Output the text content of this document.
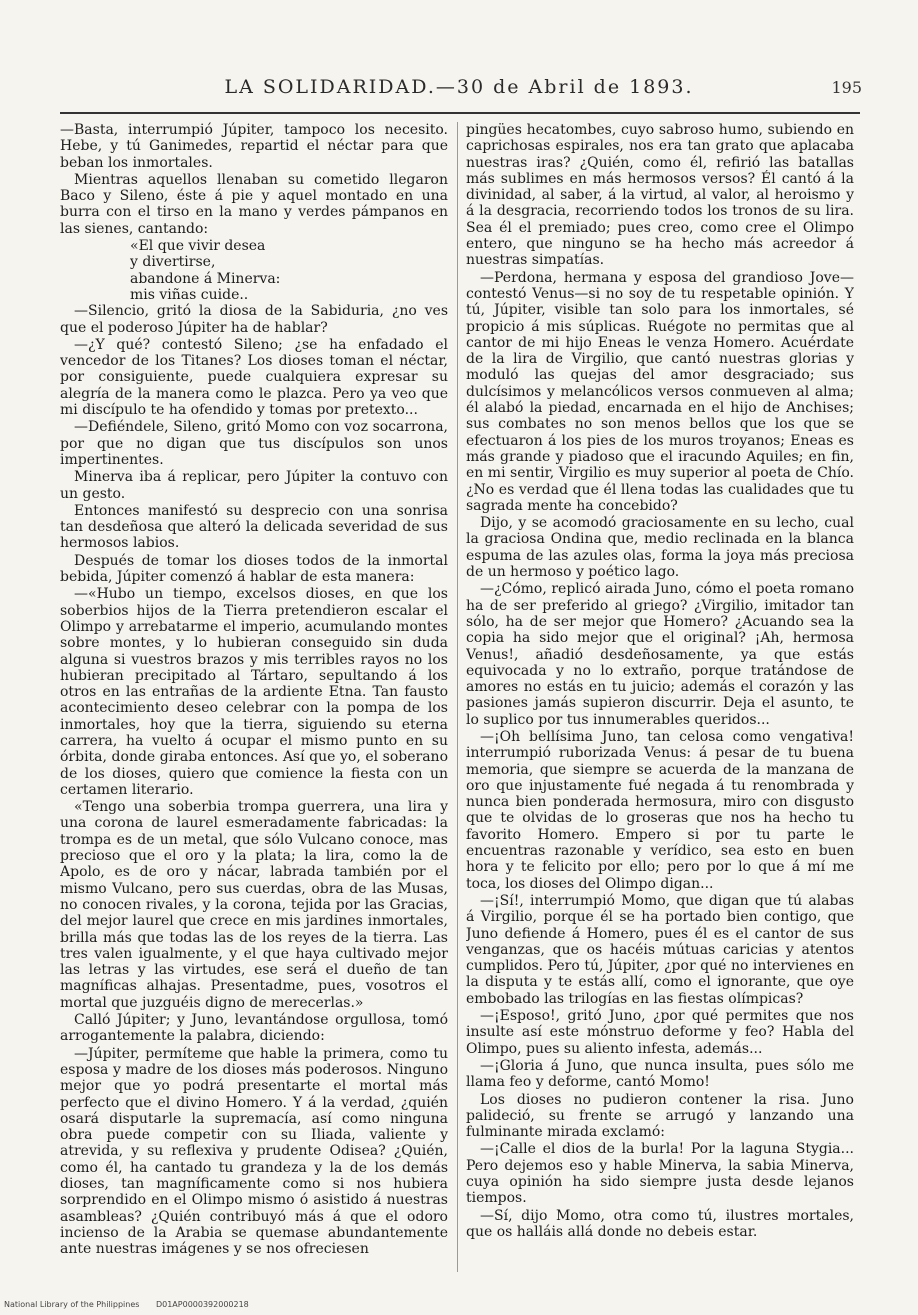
LA SOLIDARIDAD.—30 de Abril de 1893.	195

—Basta, interrumpió Júpiter, tampoco los necesito. Hebe, y tú Ganimedes, repartid el néctar para que beban los inmortales.

Mientras aquellos llenaban su cometido llegaron Baco y Sileno, éste á pie y aquel montado en una burra con el tirso en la mano y verdes pámpanos en las sienes, cantando:

«El que vivir desea

y divertirse,

abandone á Minerva:

mis viñas cuide..

—Silencio, gritó la diosa de la Sabiduria, ¿no ves que el poderoso Júpiter ha de hablar?

—¿Y qué? contestó Sileno; ¿se ha enfadado el vencedor de los Titanes? Los dioses toman el néctar, por consiguiente, puede cualquiera expresar su alegría de la manera como le plazca. Pero ya veo que mi discípulo te ha ofendido y tomas por pretexto...

—Defiéndele, Sileno, gritó Momo con voz socarrona, por que no digan que tus discípulos son unos impertinentes.

Minerva iba á replicar, pero Júpiter la contuvo con un gesto.

Entonces manifestó su desprecio con una sonrisa tan desdeñosa que alteró la delicada severidad de sus hermosos labios.

Después de tomar los dioses todos de la inmortal bebida, Júpiter comenzó á hablar de esta manera:

—«Hubo un tiempo, excelsos dioses, en que los soberbios hijos de la Tierra pretendieron escalar el Olimpo y arrebatarme el imperio, acumulando montes sobre montes, y lo hubieran conseguido sin duda alguna si vuestros brazos y mis terribles rayos no los hubieran precipitado al Tártaro, sepultando á los otros en las entrañas de la ardiente Etna. Tan fausto acontecimiento deseo celebrar con la pompa de los inmortales, hoy que la tierra, siguiendo su eterna carrera, ha vuelto á ocupar el mismo punto en su órbita, donde giraba entonces. Así que yo, el soberano de los dioses, quiero que comience la fiesta con un certamen literario.

«Tengo una soberbia trompa guerrera, una lira y una corona de laurel esmeradamente fabricadas: la trompa es de un metal, que sólo Vulcano conoce, mas precioso que el oro y la plata; la lira, como la de Apolo, es de oro y nácar, labrada también por el mismo Vulcano, pero sus cuerdas, obra de las Musas, no conocen rivales, y la corona, tejida por las Gracias, del mejor laurel que crece en mis jardines inmortales, brilla más que todas las de los reyes de la tierra. Las tres valen igualmente, y el que haya cultivado mejor las letras y las virtudes, ese será el dueño de tan magníficas alhajas. Presentadme, pues, vosotros el mortal que juzguéis digno de merecerlas.»

Calló Júpiter; y Juno, levantándose orgullosa, tomó arrogantemente la palabra, diciendo:

—Júpiter, permíteme que hable la primera, como tu esposa y madre de los dioses más poderosos. Ninguno mejor que yo podrá presentarte el mortal más perfecto que el divino Homero. Y á la verdad, ¿quién osará disputarle la supremacía, así como ninguna obra puede competir con su Iliada, valiente y atrevida, y su reflexiva y prudente Odisea? ¿Quién, como él, ha cantado tu grandeza y la de los demás dioses, tan magníficamente como si nos hubiera sorprendido en el Olimpo mismo ó asistido á nuestras asambleas? ¿Quién contribuyó más á que el odoro incienso de la Arabia se quemase abundantemente ante nuestras imágenes y se nos ofreciesen

pingües hecatombes, cuyo sabroso humo, subiendo en caprichosas espirales, nos era tan grato que aplacaba nuestras iras? ¿Quién, como él, refirió las batallas más sublimes en más hermosos versos? Él cantó á la divinidad, al saber, á la virtud, al valor, al heroismo y á la desgracia, recorriendo todos los tronos de su lira. Sea él el premiado; pues creo, como cree el Olimpo entero, que ninguno se ha hecho más acreedor á nuestras simpatías.

—Perdona, hermana y esposa del grandioso Jove—contestó Venus—si no soy de tu respetable opinión. Y tú, Júpiter, visible tan solo para los inmortales, sé propicio á mis súplicas. Ruégote no permitas que al cantor de mi hijo Eneas le venza Homero. Acuérdate de la lira de Virgilio, que cantó nuestras glorias y moduló las quejas del amor desgraciado; sus dulcísimos y melancólicos versos conmueven al alma; él alabó la piedad, encarnada en el hijo de Anchises; sus combates no son menos bellos que los que se efectuaron á los pies de los muros troyanos; Eneas es más grande y piadoso que el iracundo Aquiles; en fin, en mi sentir, Virgilio es muy superior al poeta de Chío. ¿No es verdad que él llena todas las cualidades que tu sagrada mente ha concebido?

Dijo, y se acomodó graciosamente en su lecho, cual la graciosa Ondina que, medio reclinada en la blanca espuma de las azules olas, forma la joya más preciosa de un hermoso y poético lago.

—¿Cómo, replicó airada Juno, cómo el poeta romano ha de ser preferido al griego? ¿Virgilio, imitador tan sólo, ha de ser mejor que Homero? ¿Acuando sea la copia ha sido mejor que el original? ¡Ah, hermosa Venus!, añadió desdeñosamente, ya que estás equivocada y no lo extraño, porque tratándose de amores no estás en tu juicio; además el corazón y las pasiones jamás supieron discurrir. Deja el asunto, te lo suplico por tus innumerables queridos...

—¡Oh bellísima Juno, tan celosa como vengativa! interrumpió ruborizada Venus: á pesar de tu buena memoria, que siempre se acuerda de la manzana de oro que injustamente fué negada á tu renombrada y nunca bien ponderada hermosura, miro con disgusto que te olvidas de lo groseras que nos ha hecho tu favorito Homero. Empero si por tu parte le encuentras razonable y verídico, sea esto en buen hora y te felicito por ello; pero por lo que á mí me toca, los dioses del Olimpo digan...

—¡Sí!, interrumpió Momo, que digan que tú alabas á Virgilio, porque él se ha portado bien contigo, que Juno defiende á Homero, pues él es el cantor de sus venganzas, que os hacéis mútuas caricias y atentos cumplidos. Pero tú, Júpiter, ¿por qué no intervienes en la disputa y te estás allí, como el ignorante, que oye embobado las trilogías en las fiestas olímpicas?

—¡Esposo!, gritó Juno, ¿por qué permites que nos insulte así este mónstruo deforme y feo? Habla del Olimpo, pues su aliento infesta, además...

—¡Gloria á Juno, que nunca insulta, pues sólo me llama feo y deforme, cantó Momo!

Los dioses no pudieron contener la risa. Juno palideció, su frente se arrugó y lanzando una fulminante mirada exclamó:

—¡Calle el dios de la burla! Por la laguna Stygia... Pero dejemos eso y hable Minerva, la sabia Minerva, cuya opinión ha sido siempre justa desde lejanos tiempos.

—Sí, dijo Momo, otra como tú, ilustres mortales, que os halláis allá donde no debeis estar.

National Library of the Philippines D01AP0000392000218
